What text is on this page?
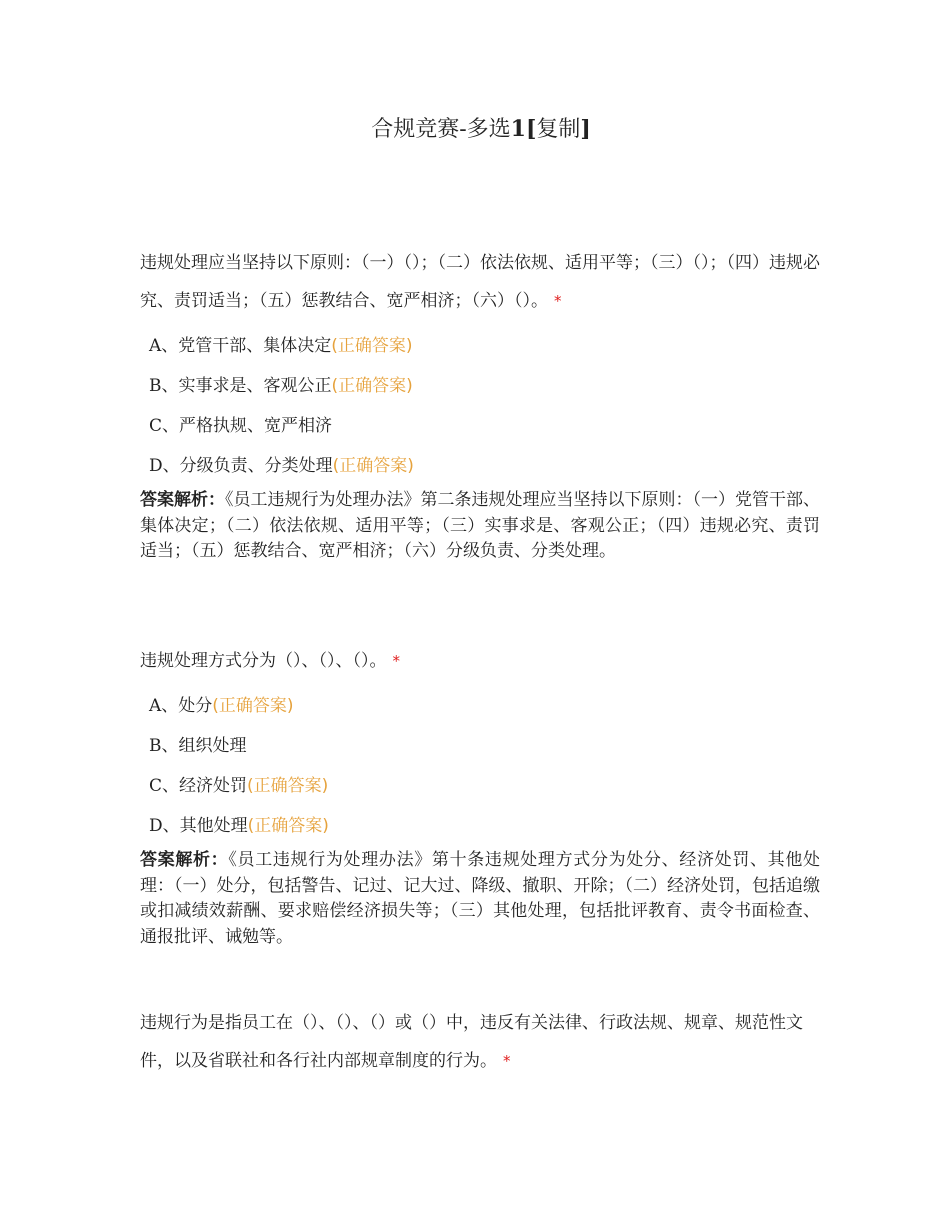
合规竞赛-多选1[复制]

违规处理应当坚持以下原则：（一）（）；（二）依法依规、适用平等；（三）（）；（四）违规必究、责罚适当；（五）惩教结合、宽严相济；（六）（）。 *

A、党管干部、集体决定(正确答案)
B、实事求是、客观公正(正确答案)
C、严格执规、宽严相济
D、分级负责、分类处理(正确答案)

答案解析：《员工违规行为处理办法》第二条违规处理应当坚持以下原则：（一）党管干部、集体决定；（二）依法依规、适用平等；（三）实事求是、客观公正；（四）违规必究、责罚适当；（五）惩教结合、宽严相济；（六）分级负责、分类处理。

违规处理方式分为（）、（）、（）。 *

A、处分(正确答案)
B、组织处理
C、经济处罚(正确答案)
D、其他处理(正确答案)

答案解析：《员工违规行为处理办法》第十条违规处理方式分为处分、经济处罚、其他处理：（一）处分，包括警告、记过、记大过、降级、撤职、开除；（二）经济处罚，包括追缴或扣减绩效薪酬、要求赔偿经济损失等；（三）其他处理，包括批评教育、责令书面检查、通报批评、诫勉等。

违规行为是指员工在（）、（）、（）或（）中，违反有关法律、行政法规、规章、规范性文件，以及省联社和各行社内部规章制度的行为。 *
